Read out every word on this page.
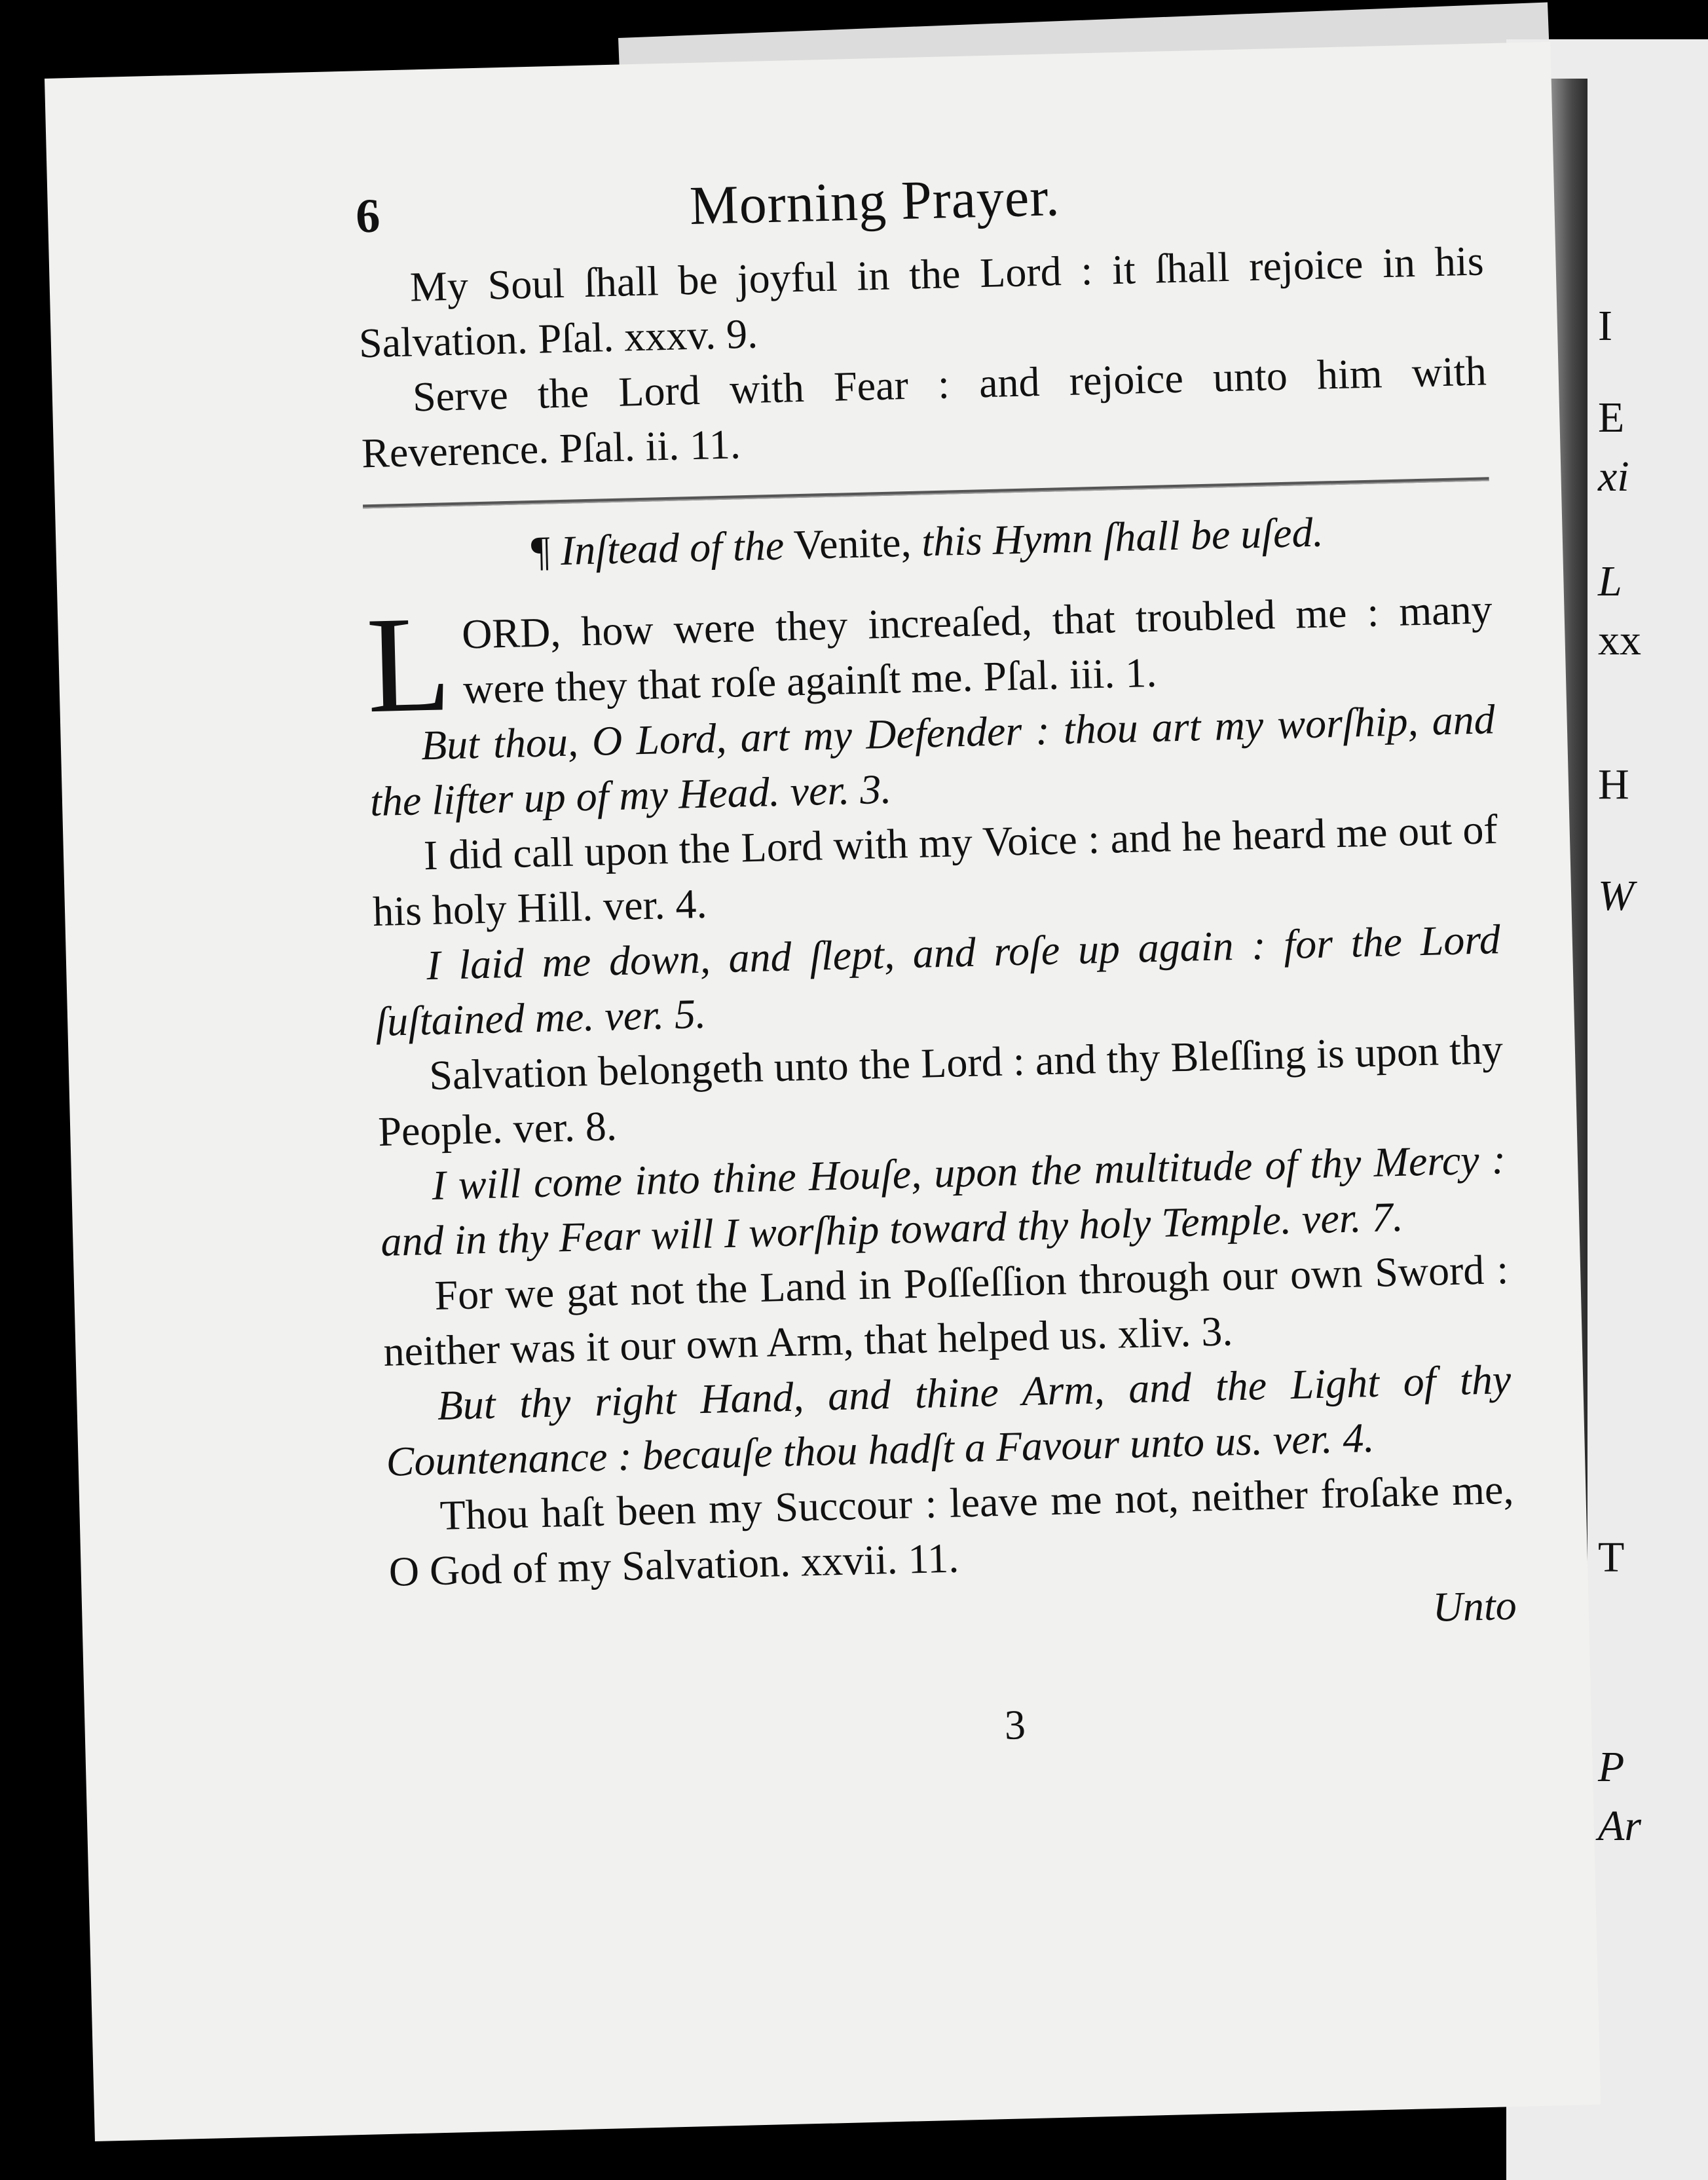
I
E
xi
L
xx
H
W
T
P
Ar
6	Morning Prayer.

My Soul ſhall be joyful in the Lord : it ſhall rejoice in his Salvation. Pſal. xxxv. 9.

Serve the Lord with Fear : and rejoice unto him with Reverence. Pſal. ii. 11.

¶ Inſtead of the Venite, this Hymn ſhall be uſed.
L ORD, how were they increaſed, that troubled me : many were they that roſe againſt me. Pſal. iii. 1.

But thou, O Lord, art my Defender : thou art my worſhip, and the lifter up of my Head. ver. 3.

I did call upon the Lord with my Voice : and he heard me out of his holy Hill. ver. 4.

I laid me down, and ſlept, and roſe up again : for the Lord ſuſtained me. ver. 5.

Salvation belongeth unto the Lord : and thy Bleſſing is upon thy People. ver. 8.

I will come into thine Houſe, upon the multitude of thy Mercy : and in thy Fear will I worſhip toward thy holy Temple. ver. 7.

For we gat not the Land in Poſſeſſion through our own Sword : neither was it our own Arm, that helped us. xliv. 3.

But thy right Hand, and thine Arm, and the Light of thy Countenance : becauſe thou hadſt a Favour unto us. ver. 4.

Thou haſt been my Succour : leave me not, neither froſake me, O God of my Salvation. xxvii. 11.

Unto
3
